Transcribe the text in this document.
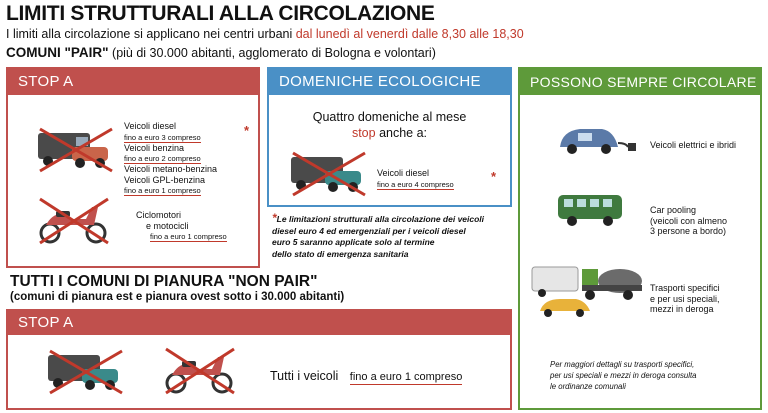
LIMITI STRUTTURALI ALLA CIRCOLAZIONE
I limiti alla circolazione si applicano nei centri urbani dal lunedì al venerdì dalle 8,30 alle 18,30
COMUNI "PAIR" (più di 30.000 abitanti, agglomerato di Bologna e volontari)
STOP A
Veicoli diesel
fino a euro 3 compreso
Veicoli benzina
fino a euro 2 compreso
Veicoli metano-benzina
Veicoli GPL-benzina
fino a euro 1 compreso
*
Ciclomotori
e motocicli
fino a euro 1 compreso
DOMENICHE ECOLOGICHE
Quattro domeniche al mese
stop anche a:
Veicoli diesel
fino a euro 4 compreso	*
*Le limitazioni strutturali alla circolazione dei veicoli
diesel euro 4 ed emergenziali per i veicoli diesel
euro 5 saranno applicate solo al termine
dello stato di emergenza sanitaria
POSSONO SEMPRE CIRCOLARE
Veicoli elettrici e ibridi
Car pooling
(veicoli con almeno
3 persone a bordo)
Trasporti specifici
e per usi speciali,
mezzi in deroga
Per maggiori dettagli su trasporti specifici,
per usi speciali e mezzi in deroga consulta
le ordinanze comunali
TUTTI I COMUNI DI PIANURA "NON PAIR"
(comuni di pianura est e pianura ovest sotto i 30.000 abitanti)
STOP A
Tutti i veicoli fino a euro 1 compreso
